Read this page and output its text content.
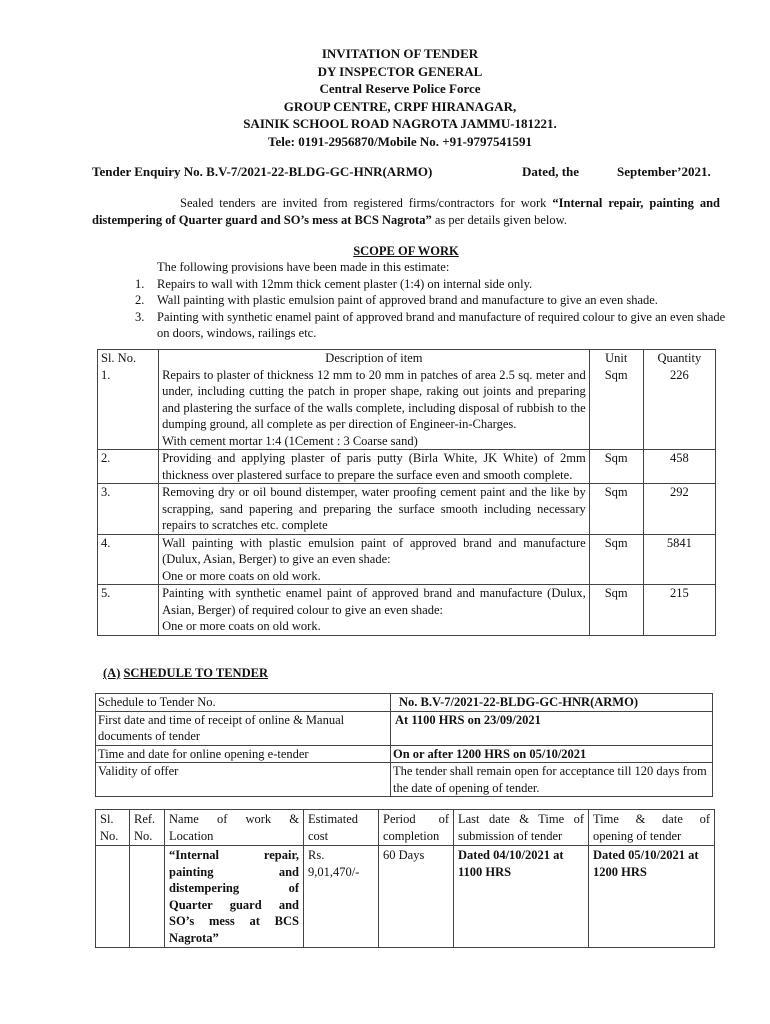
INVITATION OF TENDER
DY INSPECTOR GENERAL
Central Reserve Police Force
GROUP CENTRE, CRPF HIRANAGAR,
SAINIK SCHOOL ROAD NAGROTA JAMMU-181221.
Tele: 0191-2956870/Mobile No. +91-9797541591
Tender Enquiry No. B.V-7/2021-22-BLDG-GC-HNR(ARMO)	Dated, the	September’2021.
Sealed tenders are invited from registered firms/contractors for work “Internal repair, painting and distempering of Quarter guard and SO’s mess at BCS Nagrota” as per details given below.
SCOPE OF WORK
The following provisions have been made in this estimate:
1. Repairs to wall with 12mm thick cement plaster (1:4) on internal side only.
2. Wall painting with plastic emulsion paint of approved brand and manufacture to give an even shade.
3. Painting with synthetic enamel paint of approved brand and manufacture of required colour to give an even shade on doors, windows, railings etc.
Sl. No.	Description of item	Unit	Quantity
1.	Repairs to plaster of thickness 12 mm to 20 mm in patches of area 2.5 sq. meter and under, including cutting the patch in proper shape, raking out joints and preparing and plastering the surface of the walls complete, including disposal of rubbish to the dumping ground, all complete as per direction of Engineer-in-Charges.
With cement mortar 1:4 (1Cement : 3 Coarse sand)	Sqm	226
2.	Providing and applying plaster of paris putty (Birla White, JK White) of 2mm thickness over plastered surface to prepare the surface even and smooth complete.	Sqm	458
3.	Removing dry or oil bound distemper, water proofing cement paint and the like by scrapping, sand papering and preparing the surface smooth including necessary repairs to scratches etc. complete	Sqm	292
4.	Wall painting with plastic emulsion paint of approved brand and manufacture (Dulux, Asian, Berger) to give an even shade:
One or more coats on old work.	Sqm	5841
5.	Painting with synthetic enamel paint of approved brand and manufacture (Dulux, Asian, Berger) of required colour to give an even shade:
One or more coats on old work.	Sqm	215
(A) SCHEDULE TO TENDER
Schedule to Tender No.	No. B.V-7/2021-22-BLDG-GC-HNR(ARMO)
First date and time of receipt of online & Manual documents of tender	At 1100 HRS on 23/09/2021
Time and date for online opening e-tender	On or after 1200 HRS on 05/10/2021
Validity of offer	The tender shall remain open for acceptance till 120 days from the date of opening of tender.
Sl. No.	Ref. No.	Name of work & Location	Estimated cost	Period of completion	Last date & Time of submission of tender	Time & date of opening of tender
		“Internal repair, painting and distempering of Quarter guard and SO’s mess at BCS Nagrota”	Rs. 9,01,470/-	60 Days	Dated 04/10/2021 at 1100 HRS	Dated 05/10/2021 at 1200 HRS
